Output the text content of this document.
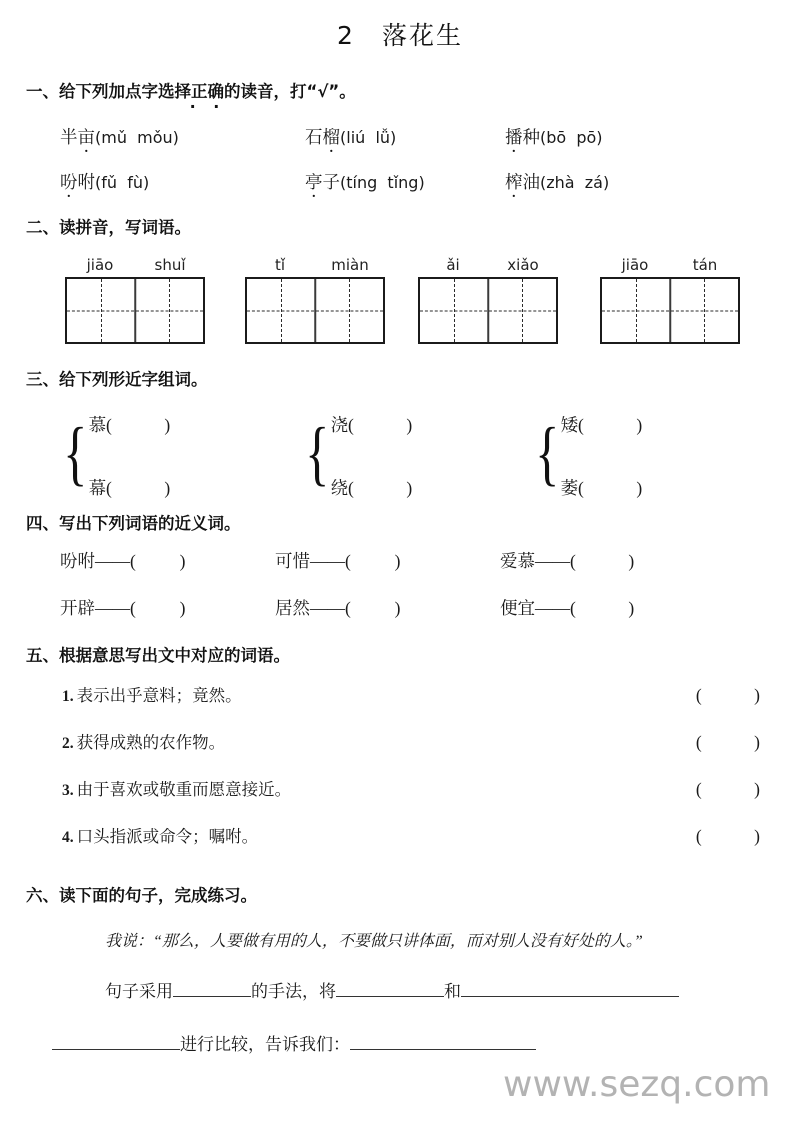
2　落花生
一、给下列加点字选择正确 · ·的读音，打“√”。
半亩(mǔ  mǒu)	石榴(liú  lǚ)	播种(bō  pō)
吩咐(fǔ  fù)	亭子(tíng  tǐng)	榨油(zhà  zá)
二、读拼音，写词语。
jiāo	shuǐ	tǐ	miàn	ǎi	xiǎo	jiāo	tán
三、给下列形近字组词。
{ 慕(            )
幕(            ) { 浇(            )
绕(            ) { 矮(            )
萎(            )
四、写出下列词语的近义词。
吩咐——(          )	可惜——(          )	爱慕——(            )
开辟——(          )	居然——(          )	便宜——(            )
五、根据意思写出文中对应的词语。
1. 表示出乎意料；竟然。	(            )
2. 获得成熟的农作物。	(            )
3. 由于喜欢或敬重而愿意接近。	(            )
4. 口头指派或命令；嘱咐。	(            )
六、读下面的句子，完成练习。
我说：“那么，人要做有用的人，不要做只讲体面，而对别人没有好处的人。”
句子采用	的手法，将	和
进行比较，告诉我们：
www.sezq.com
